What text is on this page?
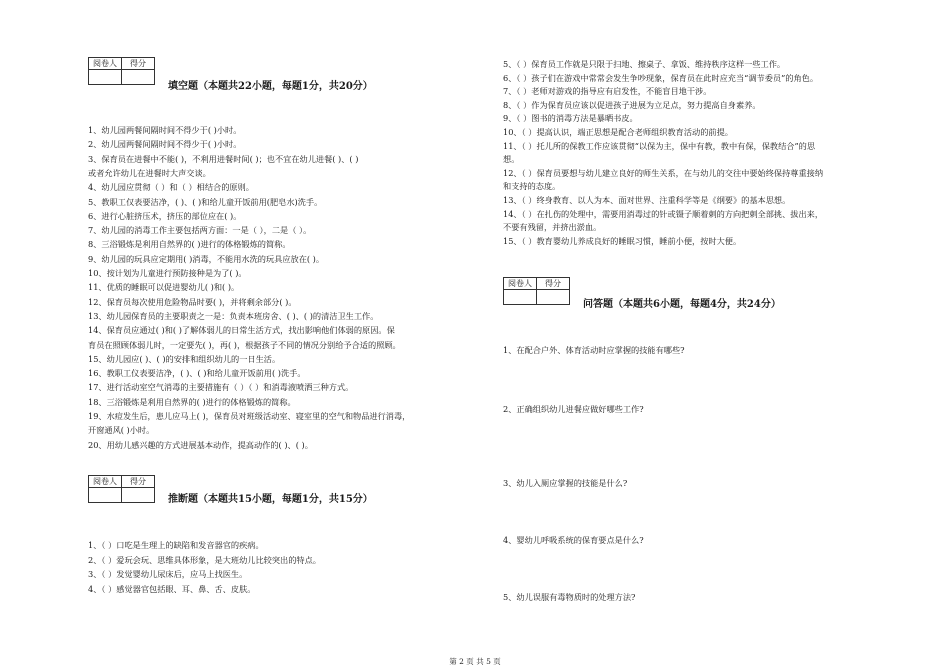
阅卷人	得分

填空题（本题共22小题，每题1分，共20分）
1、幼儿园两餐间隔时间不得少于( )小时。
2、幼儿园两餐间隔时间不得少于( )小时。
3、保育员在进餐中不能( )，不利用进餐时间( )；也不宜在幼儿进餐( )、( )
或者允许幼儿在进餐时大声交谈。
4、幼儿园应贯彻（ ）和（ ）相结合的原则。
5、教职工仅表要洁净，( )、( )和给儿童开饭前用(肥皂水)洗手。
6、进行心脏挤压术，挤压的部位应在( )。
7、幼儿园的消毒工作主要包括两方面：一是（ ），二是（ ）。
8、三浴锻炼是利用自然界的( )进行的体格锻炼的简称。
9、幼儿园的玩具应定期用( )消毒，不能用水洗的玩具应放在( )。
10、按计划为儿童进行预防接种是为了( )。
11、优质的睡眠可以促进婴幼儿( )和( )。
12、保育员每次使用危险物品时要( )，并将剩余部分( )。
13、幼儿园保育员的主要职责之一是：负责本班房舍、( )、( )的清洁卫生工作。
14、保育员应通过( )和( )了解体弱儿的日常生活方式，找出影响他们体弱的原因。保
育员在照顾体弱儿时，一定要先( )，再( )，根据孩子不同的情况分别给予合适的照顾。
15、幼儿园应( )、( )的安排和组织幼儿的一日生活。
16、教职工仪表要洁净，( )、( )和给儿童开饭前用( )洗手。
17、进行活动室空气消毒的主要措施有（ ）（ ）和消毒液喷洒三种方式。
18、三浴锻炼是利用自然界的( )进行的体格锻炼的简称。
19、水痘发生后，患儿应马上( )，保育员对班级活动室、寝室里的空气和物品进行消毒，
开窗通风( )小时。
20、用幼儿感兴趣的方式进展基本动作，提高动作的( )、( )。
阅卷人	得分

推断题（本题共15小题，每题1分，共15分）
1、（ ）口吃是生理上的缺陷和发音器官的疾病。
2、（ ）爱玩会玩、思维具体形象，是大班幼儿比较突出的特点。
3、（ ）发觉婴幼儿尿床后，应马上找医生。
4、（ ）感觉器官包括眼、耳、鼻、舌、皮肤。
5、（ ）保育员工作就是只限于扫地、擦桌子、拿饭、维持秩序这样一些工作。
6、（ ）孩子们在游戏中常常会发生争吵现象，保育员在此时应充当“调节委员”的角色。
7、（ ）老师对游戏的指导应有启发性，不能盲目地干涉。
8、（ ）作为保育员应该以促进孩子进展为立足点，努力提高自身素养。
9、（ ）图书的消毒方法是暴晒书皮。
10、（ ）提高认识，端正思想是配合老师组织教育活动的前提。
11、（ ）托儿所的保教工作应该贯彻“以保为主，保中有教，教中有保，保教结合”的思
想。
12、（ ）保育员要想与幼儿建立良好的师生关系，在与幼儿的交往中要始终保持尊重接纳
和支持的态度。
13、（ ）终身教育、以人为本、面对世界、注重科学等是《纲要》的基本思想。
14、（ ）在扎伤的处理中，需要用消毒过的针或镊子顺着刺的方向把刺全部挑、拔出来，
不要有残留，并挤出淤血。
15、（ ）教育婴幼儿养成良好的睡眠习惯，睡前小便，按时大便。
阅卷人	得分

问答题（本题共6小题，每题4分，共24分）
1、在配合户外、体育活动时应掌握的技能有哪些?
2、正确组织幼儿进餐应做好哪些工作?
3、幼儿入厕应掌握的技能是什么?
4、婴幼儿呼吸系统的保育要点是什么?
5、幼儿误服有毒物质时的处理方法?
第 2 页 共 5 页
